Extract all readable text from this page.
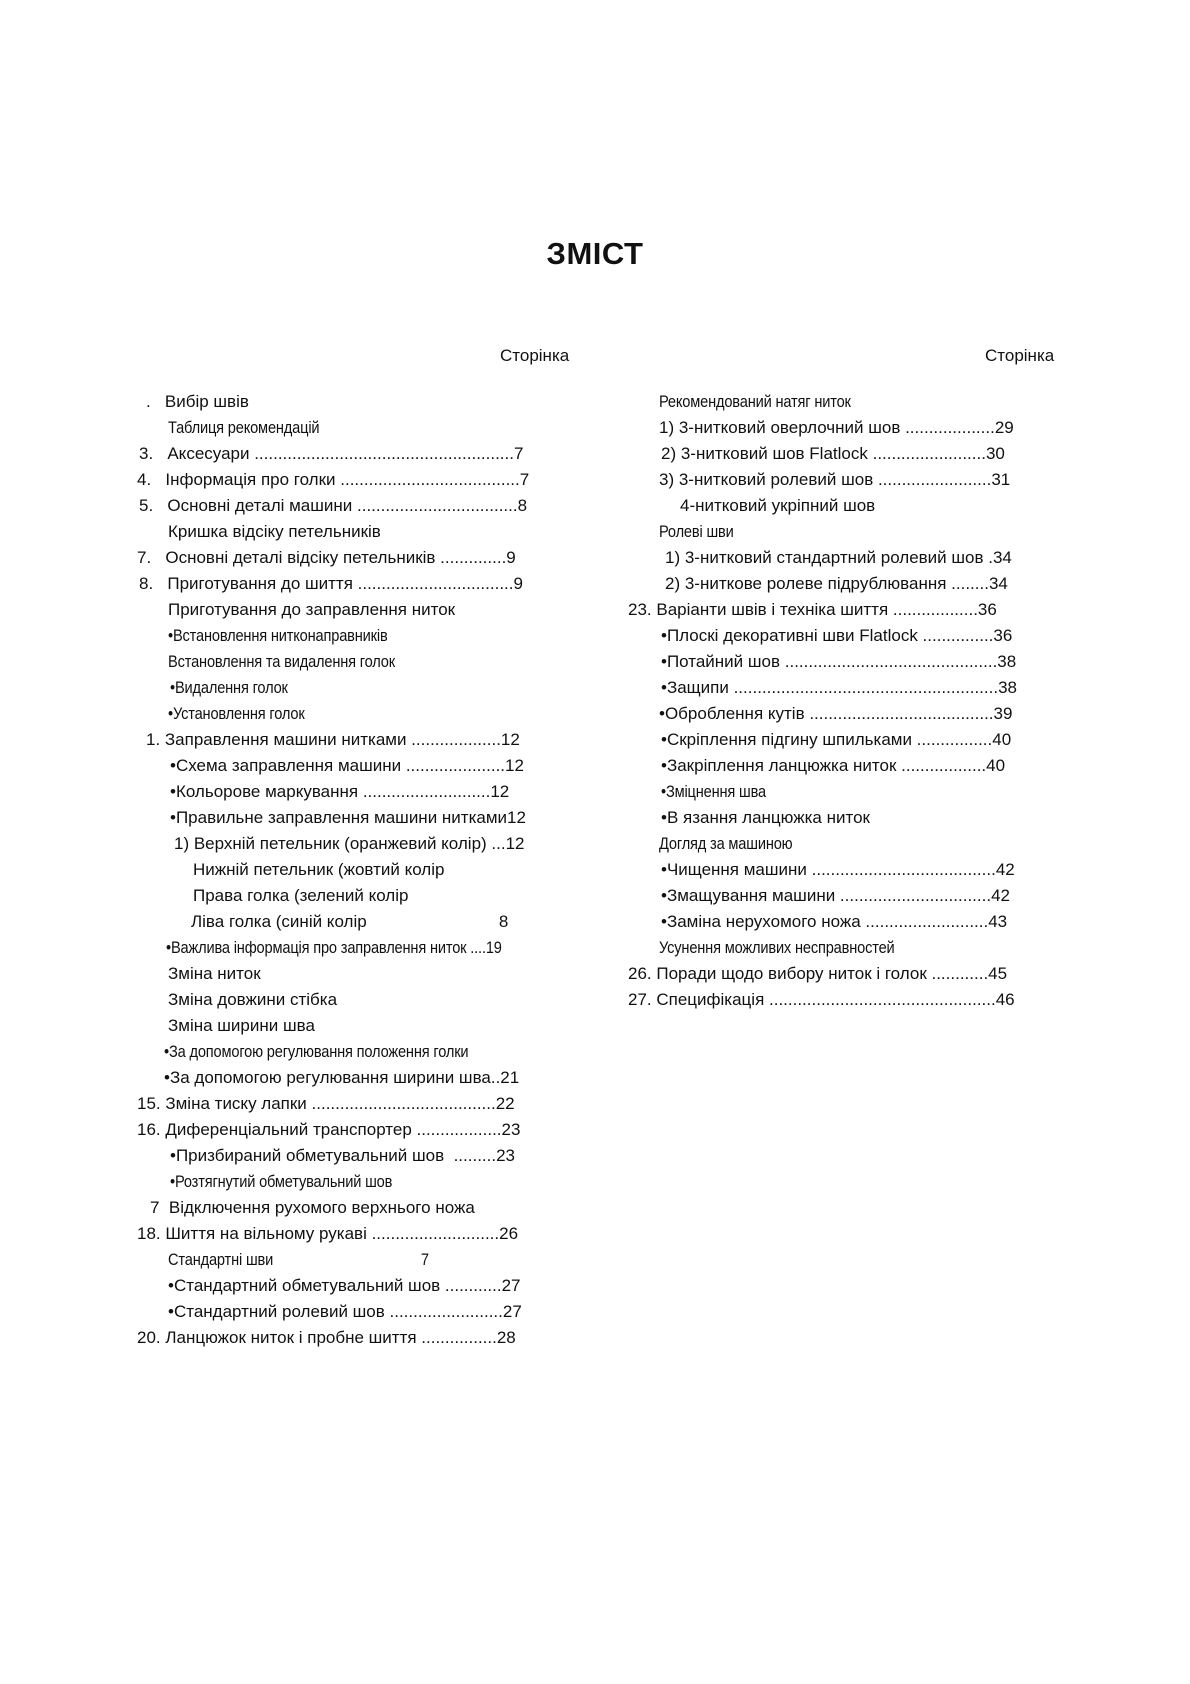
ЗМІСТ
Сторінка	Сторінка
.   Вибір швів
Таблиця рекомендацій
3.   Аксесуари .......................................................7
4.   Інформація про голки ......................................7
5.   Основні деталі машини ..................................8
Кришка відсіку петельників
7.   Основні деталі відсіку петельників ..............9
8.   Приготування до шиття .................................9
Приготування до заправлення ниток
•Встановлення нитконаправників
Встановлення та видалення голок
•Видалення голок
•Установлення голок
1. Заправлення машини нитками ...................12
•Схема заправлення машини .....................12
•Кольорове маркування ...........................12
•Правильне заправлення машини нитками12
1) Верхній петельник (оранжевий колір) ...12
Нижній петельник (жовтий колір
Права голка (зелений колір
Ліва голка (синій колір                            8
•Важлива інформація про заправлення ниток ....19
Зміна ниток
Зміна довжини стібка
Зміна ширини шва
•За допомогою регулювання положення голки
•За допомогою регулювання ширини шва..21
15. Зміна тиску лапки .......................................22
16. Диференціальний транспортер ..................23
•Призбираний обметувальний шов  .........23
•Розтягнутий обметувальний шов
7  Відключення рухомого верхнього ножа
18. Шиття на вільному рукаві ...........................26
Стандартні шви                                      7
•Стандартний обметувальний шов ............27
•Стандартний ролевий шов ........................27
20. Ланцюжок ниток і пробне шиття ................28
Рекомендований натяг ниток
1) 3-нитковий оверлочний шов ...................29
2) 3-нитковий шов Flatlock ........................30
3) 3-нитковий ролевий шов ........................31
4-нитковий укріпний шов
Ролеві шви
1) 3-нитковий стандартний ролевий шов .34
2) 3-ниткове ролеве підрублювання ........34
23. Варіанти швів і техніка шиття ..................36
•Плоскі декоративні шви Flatlock ...............36
•Потайний шов .............................................38
•Защипи ........................................................38
•Оброблення кутів .......................................39
•Скріплення підгину шпильками ................40
•Закріплення ланцюжка ниток ..................40
•Зміцнення шва
•В язання ланцюжка ниток
Догляд за машиною
•Чищення машини .......................................42
•Змащування машини ................................42
•Заміна нерухомого ножа ..........................43
Усунення можливих несправностей
26. Поради щодо вибору ниток і голок ............45
27. Специфікація ................................................46
